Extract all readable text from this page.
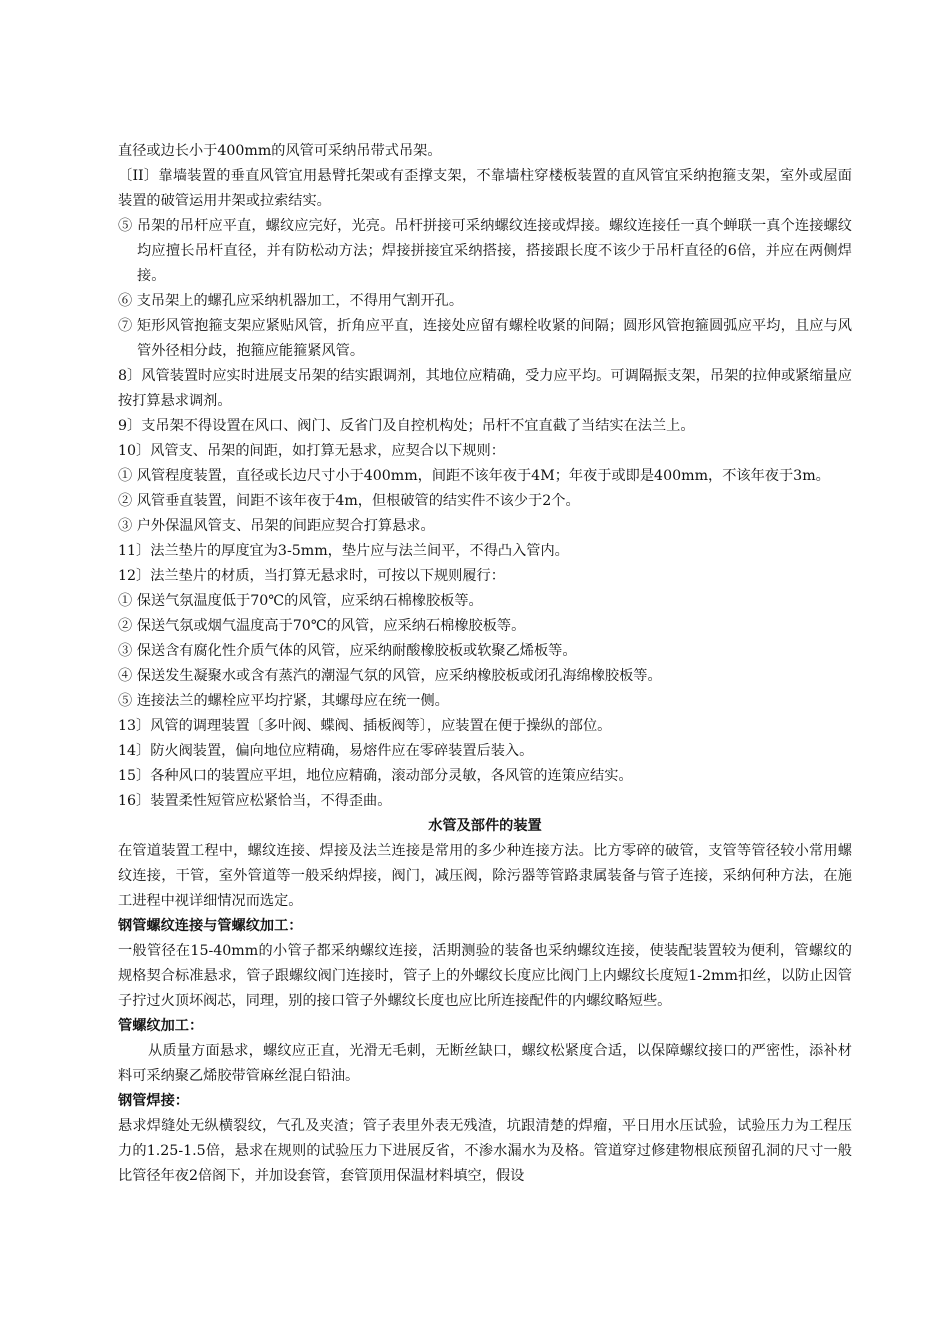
直径或边长小于400mm的风管可采纳吊带式吊架。

〔II〕靠墙装置的垂直风管宜用悬臂托架或有歪撑支架，不靠墙柱穿楼板装置的直风管宜采纳抱箍支架，室外或屋面装置的破管运用井架或拉索结实。

⑤ 吊架的吊杆应平直，螺纹应完好，光亮。吊杆拼接可采纳螺纹连接或焊接。螺纹连接任一真个蝉联一真个连接螺纹均应擅长吊杆直径，并有防松动方法；焊接拼接宜采纳搭接，搭接跟长度不该少于吊杆直径的6倍，并应在两侧焊接。

⑥ 支吊架上的螺孔应采纳机器加工，不得用气割开孔。

⑦ 矩形风管抱箍支架应紧贴风管，折角应平直，连接处应留有螺栓收紧的间隔；圆形风管抱箍圆弧应平均，且应与风管外径相分歧，抱箍应能箍紧风管。

8〕风管装置时应实时进展支吊架的结实跟调剂，其地位应精确，受力应平均。可调隔振支架，吊架的拉伸或紧缩量应按打算悬求调剂。

9〕支吊架不得设置在风口、阀门、反省门及自控机构处；吊杆不宜直截了当结实在法兰上。

10〕风管支、吊架的间距，如打算无悬求，应契合以下规则：

① 风管程度装置，直径或长边尺寸小于400mm，间距不该年夜于4M；年夜于或即是400mm，不该年夜于3m。

② 风管垂直装置，间距不该年夜于4m，但根破管的结实件不该少于2个。

③ 户外保温风管支、吊架的间距应契合打算悬求。

11〕法兰垫片的厚度宜为3-5mm，垫片应与法兰间平，不得凸入管内。

12〕法兰垫片的材质，当打算无悬求时，可按以下规则履行：

① 保送气氛温度低于70℃的风管，应采纳石棉橡胶板等。

② 保送气氛或烟气温度高于70℃的风管，应采纳石棉橡胶板等。

③ 保送含有腐化性介质气体的风管，应采纳耐酸橡胶板或软聚乙烯板等。

④ 保送发生凝聚水或含有蒸汽的潮湿气氛的风管，应采纳橡胶板或闭孔海绵橡胶板等。

⑤ 连接法兰的螺栓应平均拧紧，其螺母应在统一侧。

13〕风管的调理装置〔多叶阀、蝶阀、插板阀等〕，应装置在便于操纵的部位。

14〕防火阀装置，偏向地位应精确，易熔件应在零碎装置后装入。

15〕各种风口的装置应平坦，地位应精确，滚动部分灵敏，各风管的连策应结实。

16〕装置柔性短管应松紧恰当，不得歪曲。

水管及部件的装置

在管道装置工程中，螺纹连接、焊接及法兰连接是常用的多少种连接方法。比方零碎的破管，支管等管径较小常用螺纹连接，干管，室外管道等一般采纳焊接，阀门，减压阀，除污器等管路隶属装备与管子连接，采纳何种方法，在施工进程中视详细情况而选定。

钢管螺纹连接与管螺纹加工：

一般管径在15-40mm的小管子都采纳螺纹连接，活期测验的装备也采纳螺纹连接，使装配装置较为便利，管螺纹的规格契合标准悬求，管子跟螺纹阀门连接时，管子上的外螺纹长度应比阀门上内螺纹长度短1-2mm扣丝，以防止因管子拧过火顶坏阀芯，同理，别的接口管子外螺纹长度也应比所连接配件的内螺纹略短些。

管螺纹加工：

从质量方面悬求，螺纹应正直，光滑无毛刺，无断丝缺口，螺纹松紧度合适，以保障螺纹接口的严密性，添补材料可采纳聚乙烯胶带管麻丝混白铅油。

钢管焊接：

悬求焊缝处无纵横裂纹，气孔及夹渣；管子表里外表无残渣，坑跟清楚的焊瘤，平日用水压试验，试验压力为工程压力的1.25-1.5倍，悬求在规则的试验压力下进展反省，不渗水漏水为及格。管道穿过修建物根底预留孔洞的尺寸一般比管径年夜2倍阁下，并加设套管，套管顶用保温材料填空，假设
